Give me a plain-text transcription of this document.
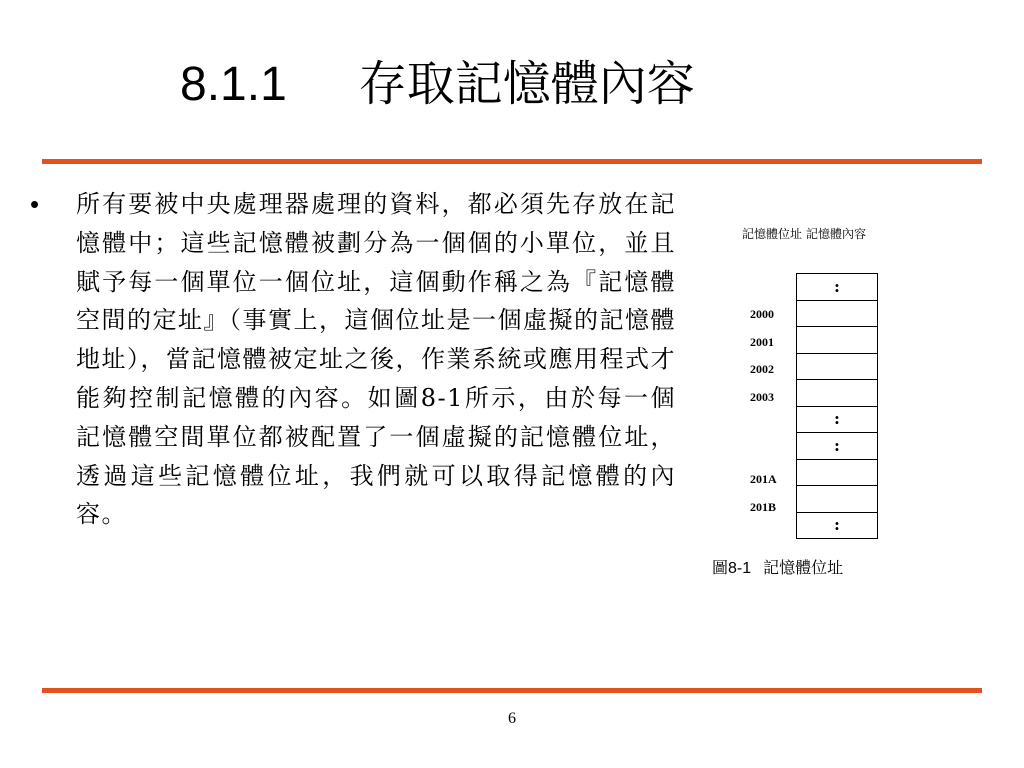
8.1.1 存取記憶體內容
• 所有要被中央處理器處理的資料，都必須先存放在記憶體中；這些記憶體被劃分為一個個的小單位，並且賦予每一個單位一個位址，這個動作稱之為『記憶體空間的定址』（事實上，這個位址是一個虛擬的記憶體地址），當記憶體被定址之後，作業系統或應用程式才能夠控制記憶體的內容。如圖8-1所示，由於每一個記憶體空間單位都被配置了一個虛擬的記憶體位址，透過這些記憶體位址，我們就可以取得記憶體的內容。
記憶體位址 記憶體內容
2000
2001
2002
2003
201A
201B
:
:
:
:
圖8-1 記憶體位址
6
